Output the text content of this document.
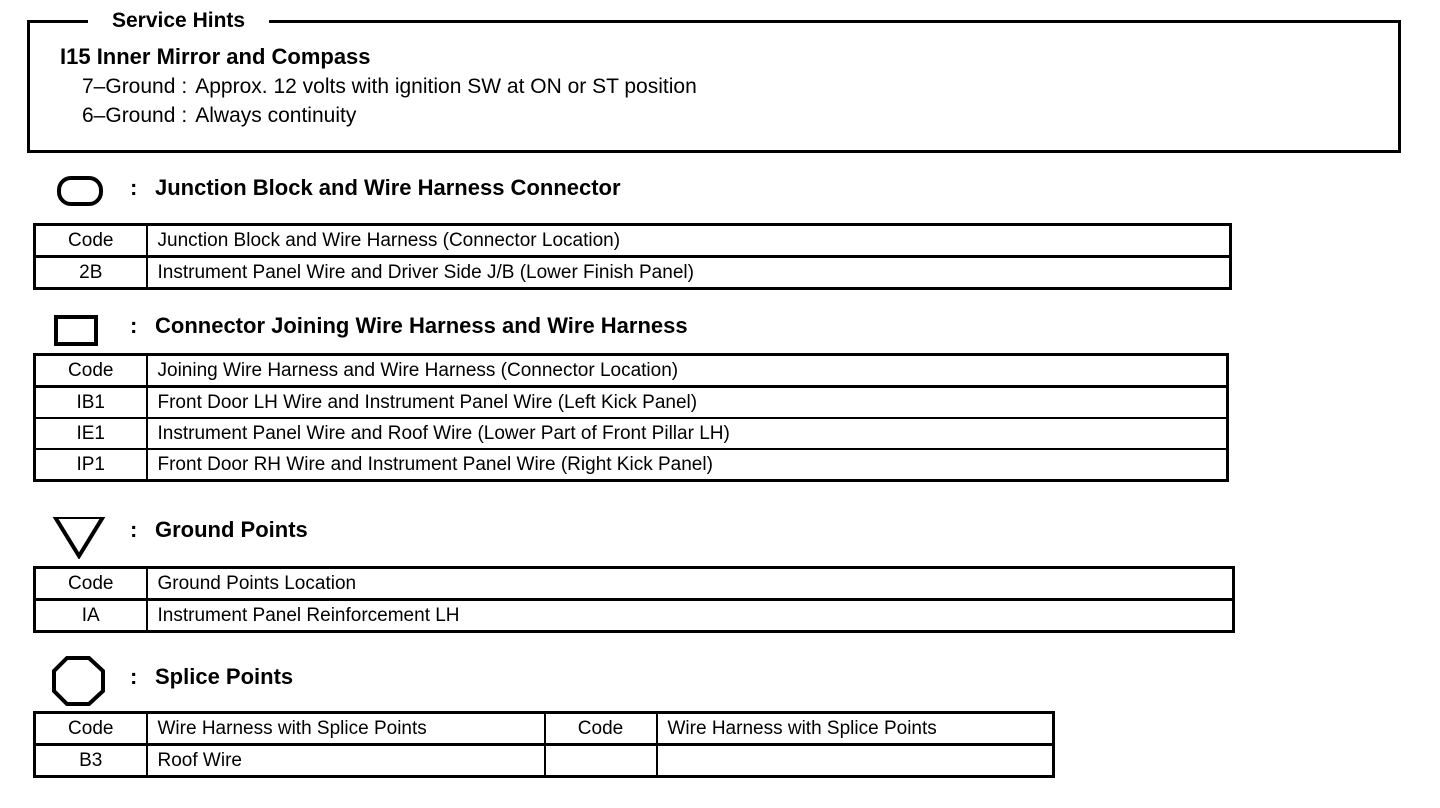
Service Hints
I15 Inner Mirror and Compass
7–Ground : Approx. 12 volts with ignition SW at ON or ST position
6–Ground : Always continuity
: Junction Block and Wire Harness Connector
Code	Junction Block and Wire Harness (Connector Location)
2B	Instrument Panel Wire and Driver Side J/B (Lower Finish Panel)
: Connector Joining Wire Harness and Wire Harness
Code	Joining Wire Harness and Wire Harness (Connector Location)
IB1	Front Door LH Wire and Instrument Panel Wire (Left Kick Panel)
IE1	Instrument Panel Wire and Roof Wire (Lower Part of Front Pillar LH)
IP1	Front Door RH Wire and Instrument Panel Wire (Right Kick Panel)
: Ground Points
Code	Ground Points Location
IA	Instrument Panel Reinforcement LH
: Splice Points
Code	Wire Harness with Splice Points	Code	Wire Harness with Splice Points
B3	Roof Wire		
